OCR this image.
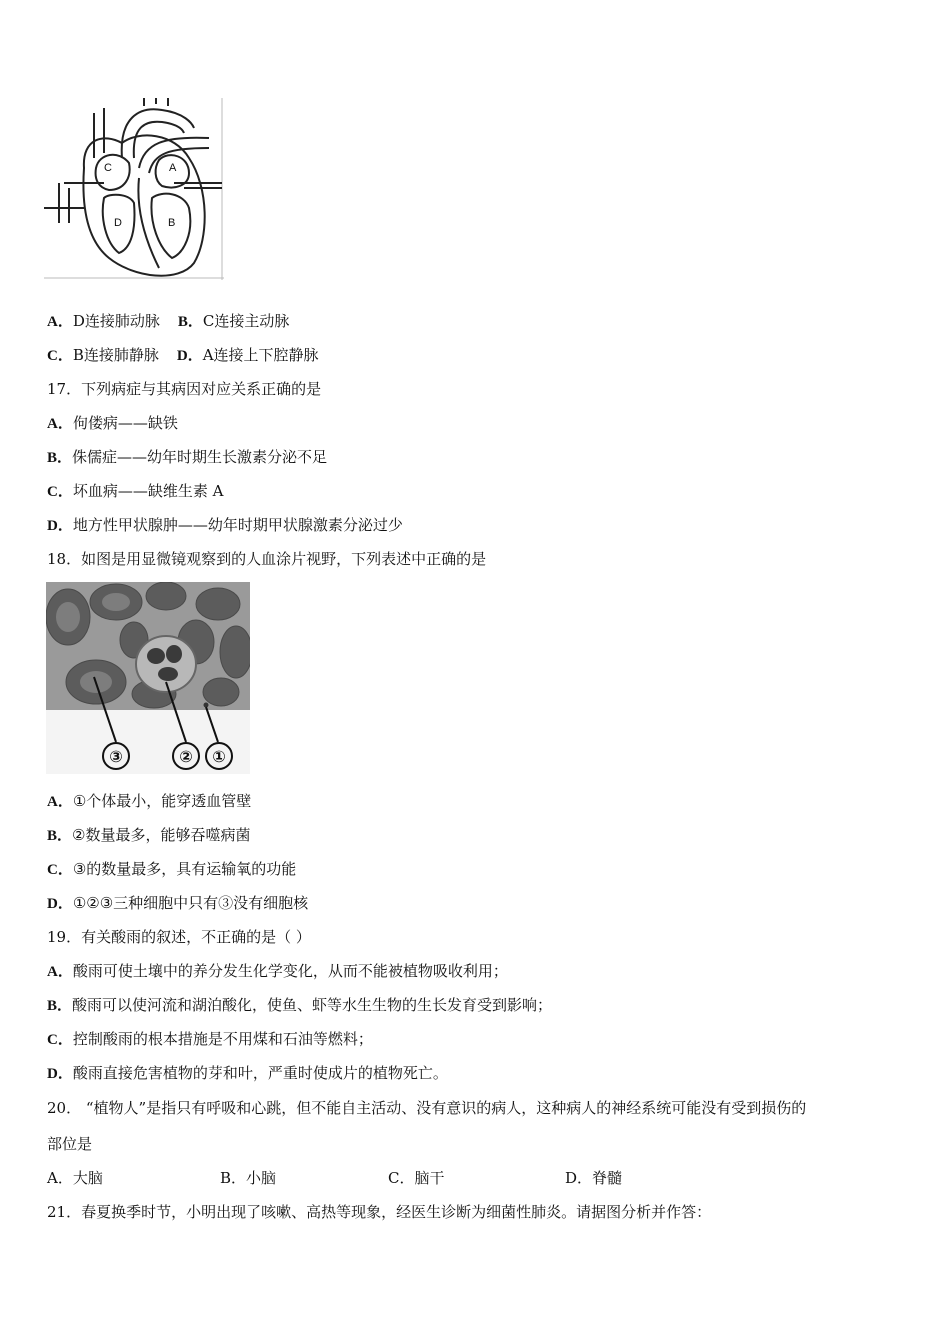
C	A
D	B
A．D连接肺动脉 B．C连接主动脉
C．B连接肺静脉 D．A连接上下腔静脉
17．下列病症与其病因对应关系正确的是
A．佝偻病——缺铁
B．侏儒症——幼年时期生长激素分泌不足
C．坏血病——缺维生素 A
D．地方性甲状腺肿——幼年时期甲状腺激素分泌过少
18．如图是用显微镜观察到的人血涂片视野，下列表述中正确的是
③	② ①
A．①个体最小，能穿透血管壁
B．②数量最多，能够吞噬病菌
C．③的数量最多，具有运输氧的功能
D．①②③三种细胞中只有③没有细胞核
19．有关酸雨的叙述，不正确的是（ ）
A．酸雨可使土壤中的养分发生化学变化，从而不能被植物吸收利用；
B．酸雨可以使河流和湖泊酸化，使鱼、虾等水生生物的生长发育受到影响；
C．控制酸雨的根本措施是不用煤和石油等燃料；
D．酸雨直接危害植物的芽和叶，严重时使成片的植物死亡。
20． “植物人”是指只有呼吸和心跳，但不能自主活动、没有意识的病人，这种病人的神经系统可能没有受到损伤的
部位是
A．大脑	B．小脑	C．脑干	D．脊髓
21．春夏换季时节，小明出现了咳嗽、高热等现象，经医生诊断为细菌性肺炎。请据图分析并作答：
